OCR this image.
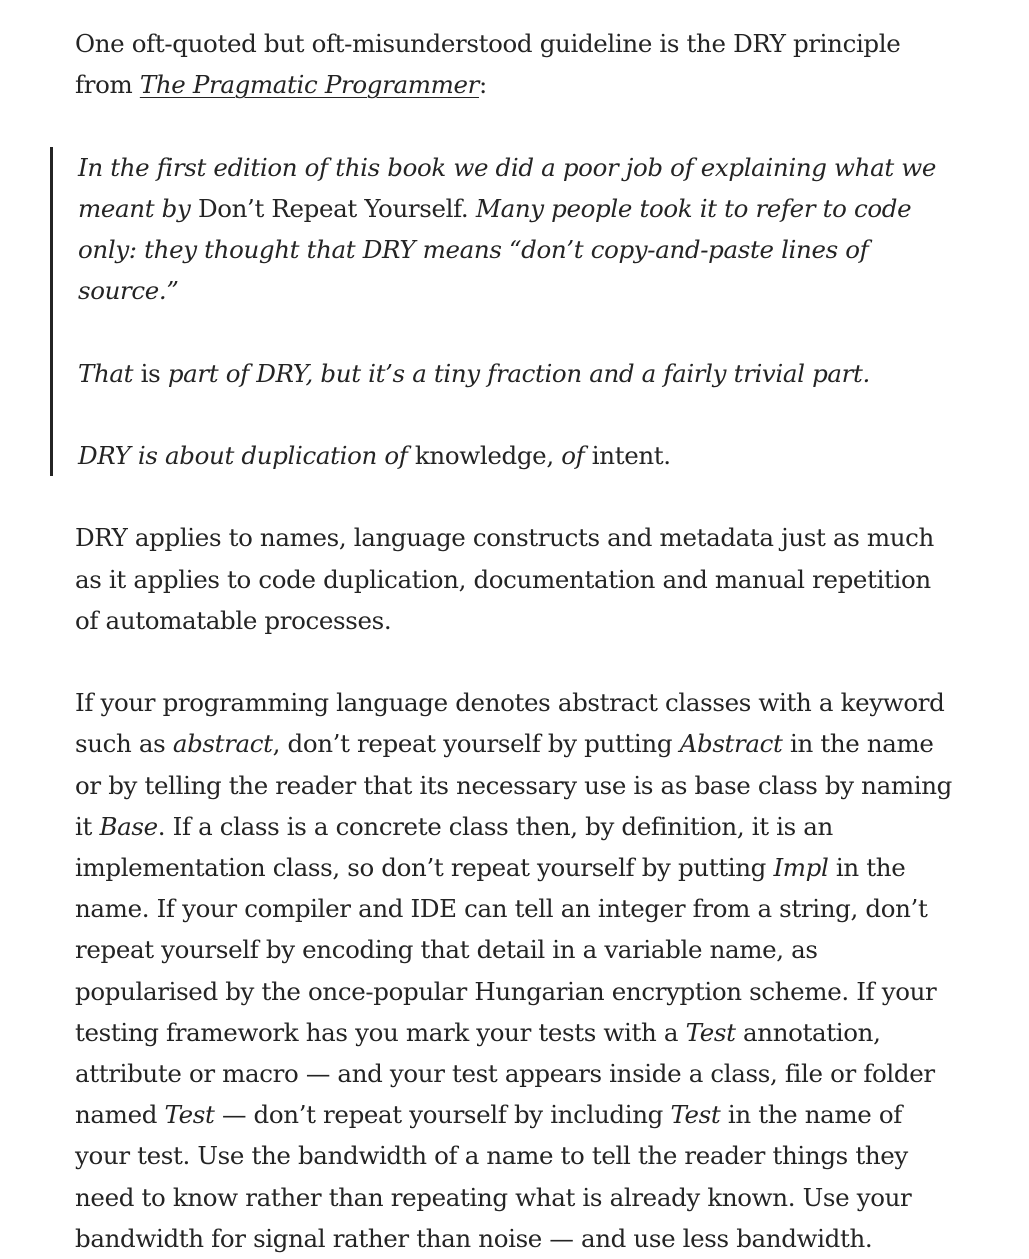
One oft-quoted but oft-misunderstood guideline is the DRY principle from The Pragmatic Programmer:

In the first edition of this book we did a poor job of explaining what we meant by Don’t Repeat Yourself. Many people took it to refer to code only: they thought that DRY means “don’t copy-and-paste lines of source.”

That is part of DRY, but it’s a tiny fraction and a fairly trivial part.

DRY is about duplication of knowledge, of intent.

DRY applies to names, language constructs and metadata just as much as it applies to code duplication, documentation and manual repetition of automatable processes.

If your programming language denotes abstract classes with a keyword such as abstract, don’t repeat yourself by putting Abstract in the name or by telling the reader that its necessary use is as base class by naming it Base. If a class is a concrete class then, by definition, it is an implementation class, so don’t repeat yourself by putting Impl in the name. If your compiler and IDE can tell an integer from a string, don’t repeat yourself by encoding that detail in a variable name, as popularised by the once-popular Hungarian encryption scheme. If your testing framework has you mark your tests with a Test annotation, attribute or macro — and your test appears inside a class, file or folder named Test — don’t repeat yourself by including Test in the name of your test. Use the bandwidth of a name to tell the reader things they need to know rather than repeating what is already known. Use your bandwidth for signal rather than noise — and use less bandwidth.
